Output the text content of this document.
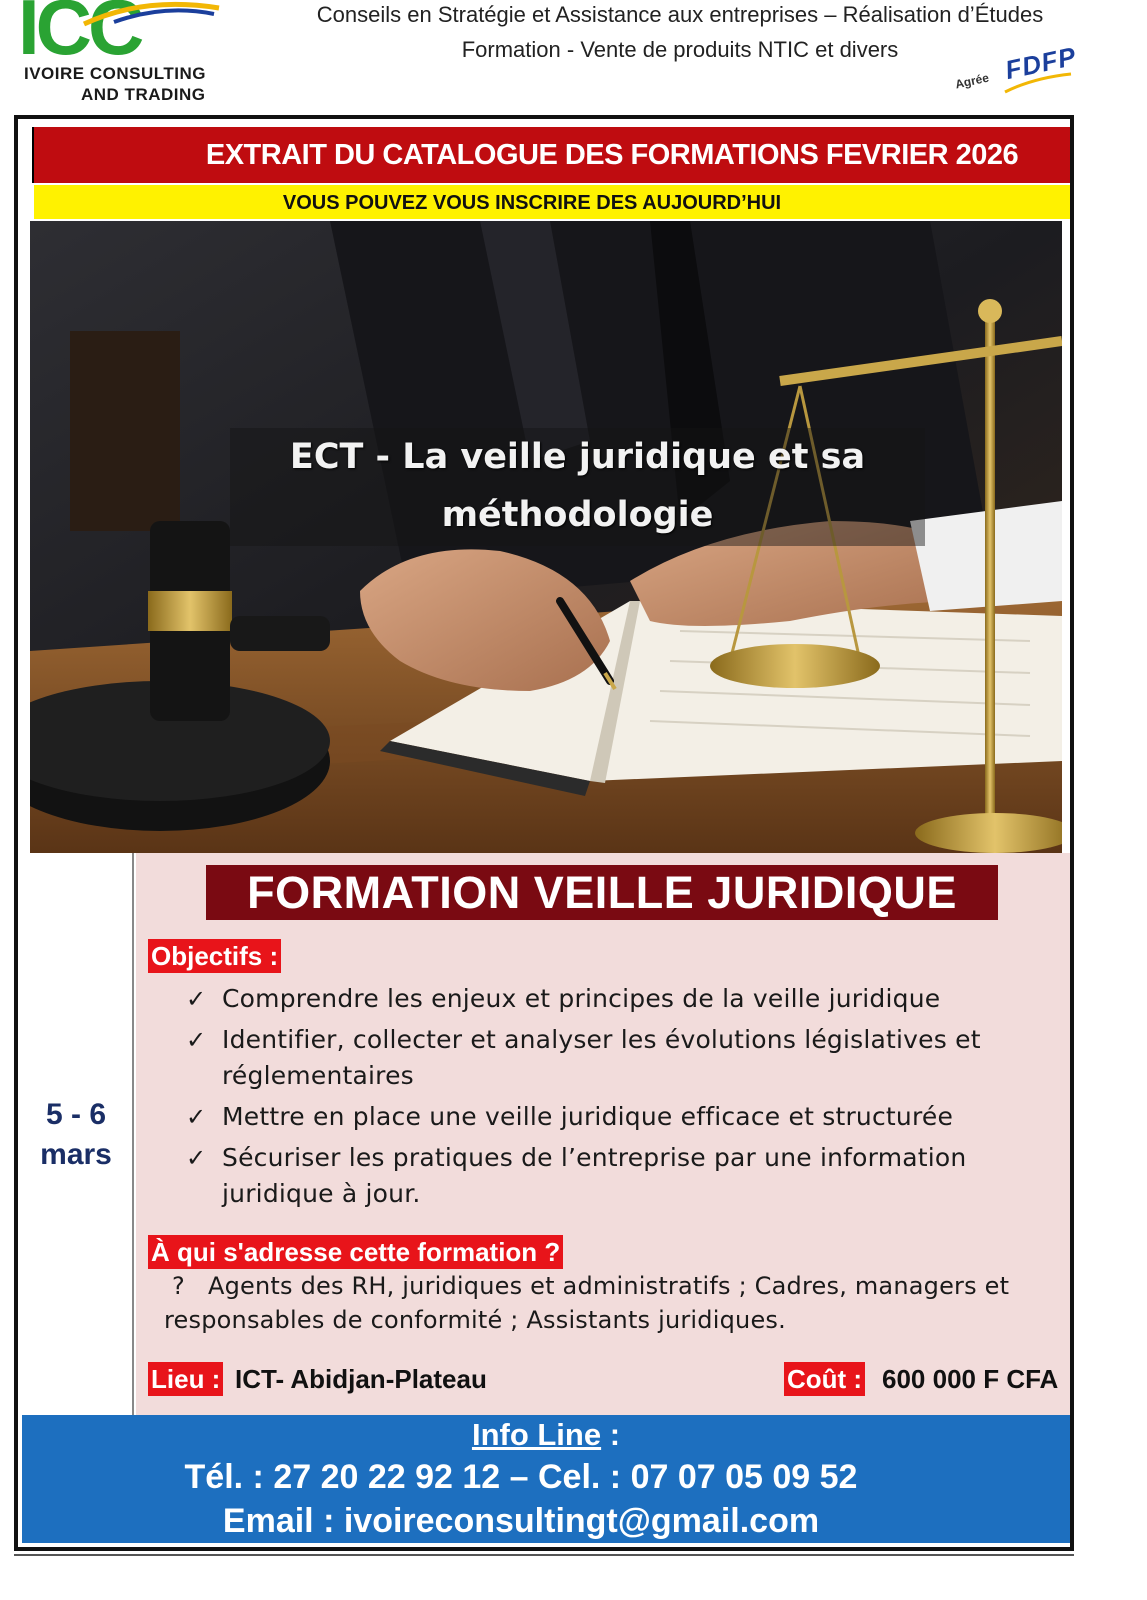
ICC
IVOIRE CONSULTING
AND TRADING
Conseils en Stratégie et Assistance aux entreprises – Réalisation d’Études
Formation - Vente de produits NTIC et divers
Agrée FDFP
EXTRAIT DU CATALOGUE DES FORMATIONS FEVRIER 2026
VOUS POUVEZ VOUS INSCRIRE DES AUJOURD’HUI
ECT - La veille juridique et sa
méthodologie
5 - 6
mars
FORMATION VEILLE JURIDIQUE
Objectifs :
✓ Comprendre les enjeux et principes de la veille juridique
✓ Identifier, collecter et analyser les évolutions législatives et réglementaires
✓ Mettre en place une veille juridique efficace et structurée
✓ Sécuriser les pratiques de l’entreprise par une information juridique à jour.
À qui s'adresse cette formation ?
? Agents des RH, juridiques et administratifs ; Cadres, managers et responsables de conformité ; Assistants juridiques.
Lieu : ICT- Abidjan-Plateau	Coût : 600 000 F CFA
Info Line :
Tél. : 27 20 22 92 12 – Cel. : 07 07 05 09 52
Email : ivoireconsultingt@gmail.com
